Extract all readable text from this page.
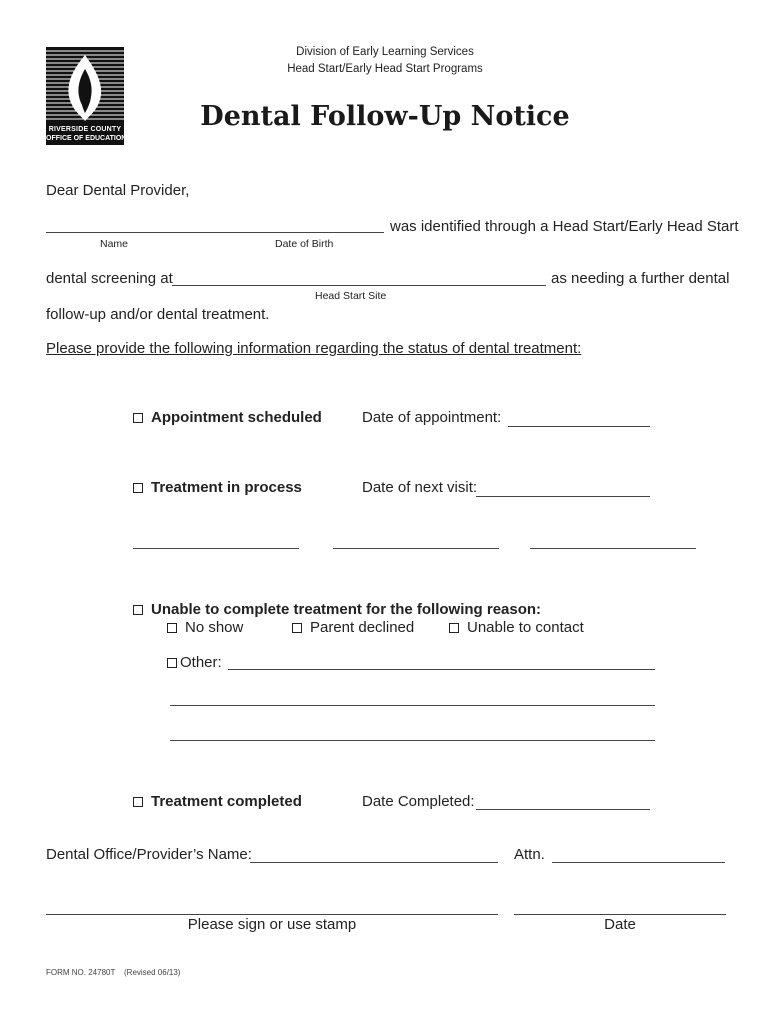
RIVERSIDE COUNTY
OFFICE OF EDUCATION
Division of Early Learning Services
Head Start/Early Head Start Programs
Dental Follow-Up Notice
Dear Dental Provider,
was identified through a Head Start/Early Head Start
Name	Date of Birth
dental screening at	as needing a further dental
Head Start Site
follow-up and/or dental treatment.
Please provide the following information regarding the status of dental treatment:
Appointment scheduled	Date of appointment:
Treatment in process	Date of next visit:
Unable to complete treatment for the following reason:
No show	Parent declined	Unable to contact
Other:
Treatment completed	Date Completed:
Dental Office/Provider’s Name:	Attn.
Please sign or use stamp	Date
FORM NO. 24780T (Revised 06/13)
